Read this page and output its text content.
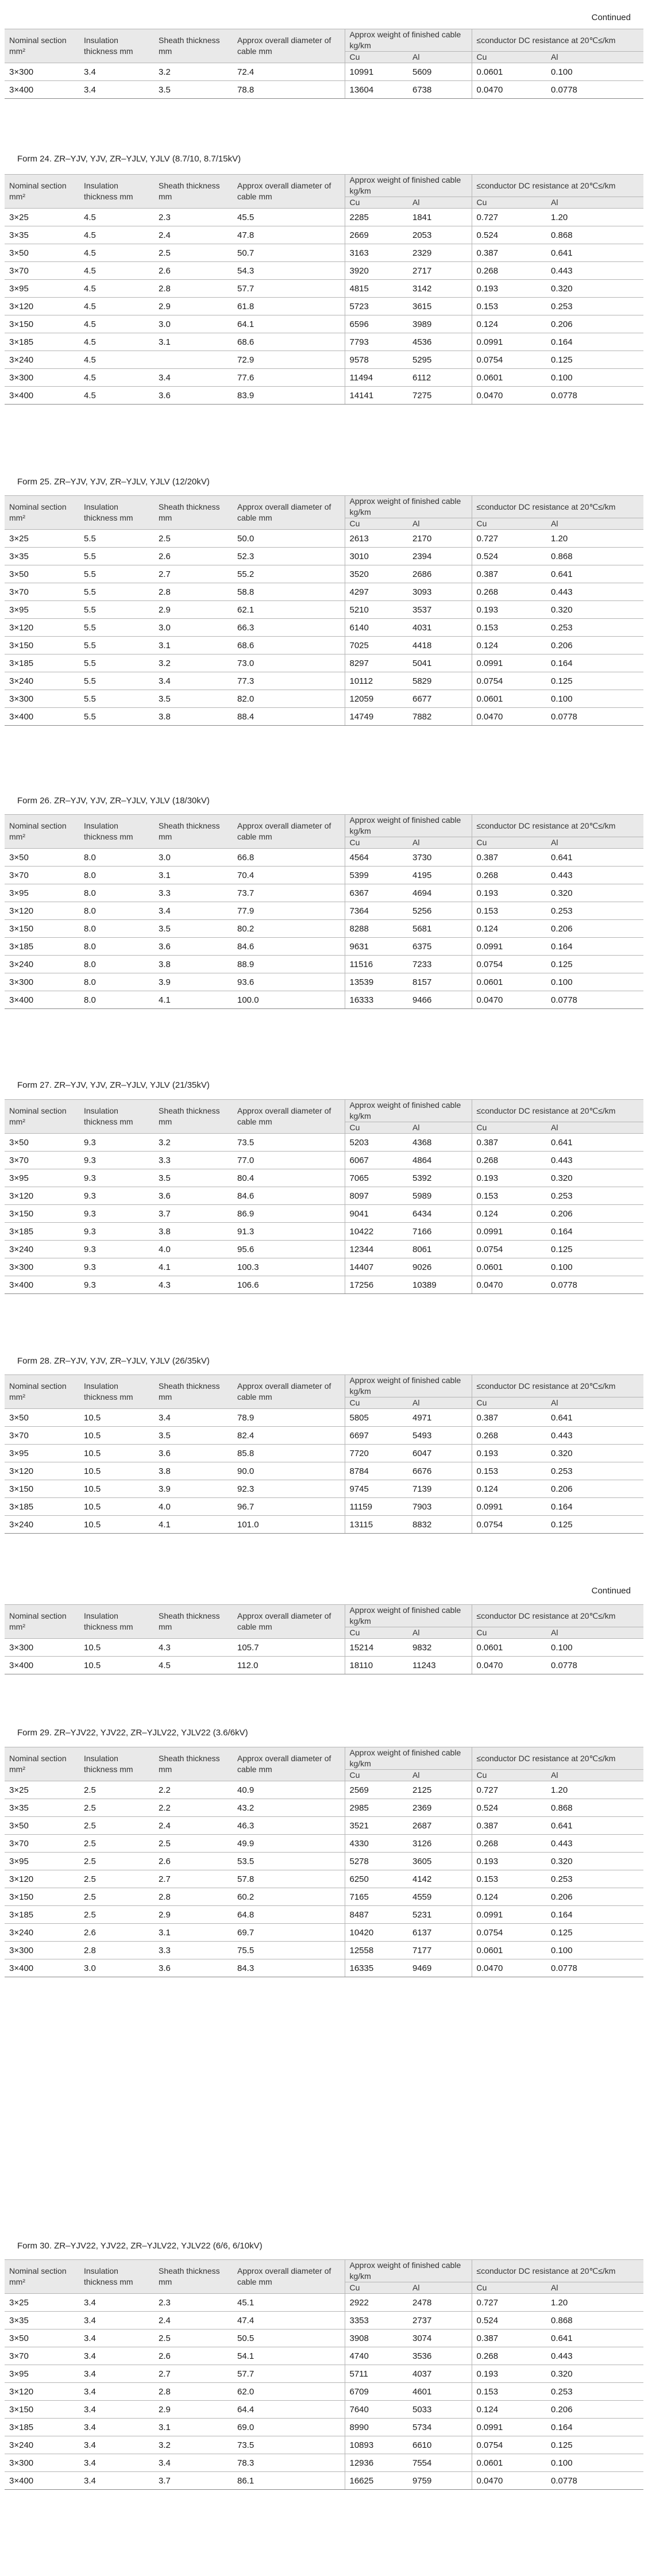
Continued
Nominal section mm²	Insulation thickness mm	Sheath thickness mm	Approx overall diameter of cable mm	Approx weight of finished cable kg/km		≤conductor DC resistance at 20℃≤/km	
				Cu	Al	Cu	Al
3×300	3.4	3.2	72.4	10991	5609	0.0601	0.100
3×400	3.4	3.5	78.8	13604	6738	0.0470	0.0778
Form 24. ZR–YJV, YJV, ZR–YJLV, YJLV (8.7/10, 8.7/15kV)
Nominal section mm²	Insulation thickness mm	Sheath thickness mm	Approx overall diameter of cable mm	Approx weight of finished cable kg/km		≤conductor DC resistance at 20℃≤/km	
				Cu	Al	Cu	Al
3×25	4.5	2.3	45.5	2285	1841	0.727	1.20
3×35	4.5	2.4	47.8	2669	2053	0.524	0.868
3×50	4.5	2.5	50.7	3163	2329	0.387	0.641
3×70	4.5	2.6	54.3	3920	2717	0.268	0.443
3×95	4.5	2.8	57.7	4815	3142	0.193	0.320
3×120	4.5	2.9	61.8	5723	3615	0.153	0.253
3×150	4.5	3.0	64.1	6596	3989	0.124	0.206
3×185	4.5	3.1	68.6	7793	4536	0.0991	0.164
3×240	4.5		72.9	9578	5295	0.0754	0.125
3×300	4.5	3.4	77.6	11494	6112	0.0601	0.100
3×400	4.5	3.6	83.9	14141	7275	0.0470	0.0778
Form 25. ZR–YJV, YJV, ZR–YJLV, YJLV (12/20kV)
Nominal section mm²	Insulation thickness mm	Sheath thickness mm	Approx overall diameter of cable mm	Approx weight of finished cable kg/km		≤conductor DC resistance at 20℃≤/km	
				Cu	Al	Cu	Al
3×25	5.5	2.5	50.0	2613	2170	0.727	1.20
3×35	5.5	2.6	52.3	3010	2394	0.524	0.868
3×50	5.5	2.7	55.2	3520	2686	0.387	0.641
3×70	5.5	2.8	58.8	4297	3093	0.268	0.443
3×95	5.5	2.9	62.1	5210	3537	0.193	0.320
3×120	5.5	3.0	66.3	6140	4031	0.153	0.253
3×150	5.5	3.1	68.6	7025	4418	0.124	0.206
3×185	5.5	3.2	73.0	8297	5041	0.0991	0.164
3×240	5.5	3.4	77.3	10112	5829	0.0754	0.125
3×300	5.5	3.5	82.0	12059	6677	0.0601	0.100
3×400	5.5	3.8	88.4	14749	7882	0.0470	0.0778
Form 26. ZR–YJV, YJV, ZR–YJLV, YJLV (18/30kV)
Nominal section mm²	Insulation thickness mm	Sheath thickness mm	Approx overall diameter of cable mm	Approx weight of finished cable kg/km		≤conductor DC resistance at 20℃≤/km	
				Cu	Al	Cu	Al
3×50	8.0	3.0	66.8	4564	3730	0.387	0.641
3×70	8.0	3.1	70.4	5399	4195	0.268	0.443
3×95	8.0	3.3	73.7	6367	4694	0.193	0.320
3×120	8.0	3.4	77.9	7364	5256	0.153	0.253
3×150	8.0	3.5	80.2	8288	5681	0.124	0.206
3×185	8.0	3.6	84.6	9631	6375	0.0991	0.164
3×240	8.0	3.8	88.9	11516	7233	0.0754	0.125
3×300	8.0	3.9	93.6	13539	8157	0.0601	0.100
3×400	8.0	4.1	100.0	16333	9466	0.0470	0.0778
Form 27. ZR–YJV, YJV, ZR–YJLV, YJLV (21/35kV)
Nominal section mm²	Insulation thickness mm	Sheath thickness mm	Approx overall diameter of cable mm	Approx weight of finished cable kg/km		≤conductor DC resistance at 20℃≤/km	
				Cu	Al	Cu	Al
3×50	9.3	3.2	73.5	5203	4368	0.387	0.641
3×70	9.3	3.3	77.0	6067	4864	0.268	0.443
3×95	9.3	3.5	80.4	7065	5392	0.193	0.320
3×120	9.3	3.6	84.6	8097	5989	0.153	0.253
3×150	9.3	3.7	86.9	9041	6434	0.124	0.206
3×185	9.3	3.8	91.3	10422	7166	0.0991	0.164
3×240	9.3	4.0	95.6	12344	8061	0.0754	0.125
3×300	9.3	4.1	100.3	14407	9026	0.0601	0.100
3×400	9.3	4.3	106.6	17256	10389	0.0470	0.0778
Form 28. ZR–YJV, YJV, ZR–YJLV, YJLV (26/35kV)
Nominal section mm²	Insulation thickness mm	Sheath thickness mm	Approx overall diameter of cable mm	Approx weight of finished cable kg/km		≤conductor DC resistance at 20℃≤/km	
				Cu	Al	Cu	Al
3×50	10.5	3.4	78.9	5805	4971	0.387	0.641
3×70	10.5	3.5	82.4	6697	5493	0.268	0.443
3×95	10.5	3.6	85.8	7720	6047	0.193	0.320
3×120	10.5	3.8	90.0	8784	6676	0.153	0.253
3×150	10.5	3.9	92.3	9745	7139	0.124	0.206
3×185	10.5	4.0	96.7	11159	7903	0.0991	0.164
3×240	10.5	4.1	101.0	13115	8832	0.0754	0.125
Continued
Nominal section mm²	Insulation thickness mm	Sheath thickness mm	Approx overall diameter of cable mm	Approx weight of finished cable kg/km		≤conductor DC resistance at 20℃≤/km	
				Cu	Al	Cu	Al
3×300	10.5	4.3	105.7	15214	9832	0.0601	0.100
3×400	10.5	4.5	112.0	18110	11243	0.0470	0.0778
Form 29. ZR–YJV22, YJV22, ZR–YJLV22, YJLV22 (3.6/6kV)
Nominal section mm²	Insulation thickness mm	Sheath thickness mm	Approx overall diameter of cable mm	Approx weight of finished cable kg/km		≤conductor DC resistance at 20℃≤/km	
				Cu	Al	Cu	Al
3×25	2.5	2.2	40.9	2569	2125	0.727	1.20
3×35	2.5	2.2	43.2	2985	2369	0.524	0.868
3×50	2.5	2.4	46.3	3521	2687	0.387	0.641
3×70	2.5	2.5	49.9	4330	3126	0.268	0.443
3×95	2.5	2.6	53.5	5278	3605	0.193	0.320
3×120	2.5	2.7	57.8	6250	4142	0.153	0.253
3×150	2.5	2.8	60.2	7165	4559	0.124	0.206
3×185	2.5	2.9	64.8	8487	5231	0.0991	0.164
3×240	2.6	3.1	69.7	10420	6137	0.0754	0.125
3×300	2.8	3.3	75.5	12558	7177	0.0601	0.100
3×400	3.0	3.6	84.3	16335	9469	0.0470	0.0778
Form 30. ZR–YJV22, YJV22, ZR–YJLV22, YJLV22 (6/6, 6/10kV)
Nominal section mm²	Insulation thickness mm	Sheath thickness mm	Approx overall diameter of cable mm	Approx weight of finished cable kg/km		≤conductor DC resistance at 20℃≤/km	
				Cu	Al	Cu	Al
3×25	3.4	2.3	45.1	2922	2478	0.727	1.20
3×35	3.4	2.4	47.4	3353	2737	0.524	0.868
3×50	3.4	2.5	50.5	3908	3074	0.387	0.641
3×70	3.4	2.6	54.1	4740	3536	0.268	0.443
3×95	3.4	2.7	57.7	5711	4037	0.193	0.320
3×120	3.4	2.8	62.0	6709	4601	0.153	0.253
3×150	3.4	2.9	64.4	7640	5033	0.124	0.206
3×185	3.4	3.1	69.0	8990	5734	0.0991	0.164
3×240	3.4	3.2	73.5	10893	6610	0.0754	0.125
3×300	3.4	3.4	78.3	12936	7554	0.0601	0.100
3×400	3.4	3.7	86.1	16625	9759	0.0470	0.0778
